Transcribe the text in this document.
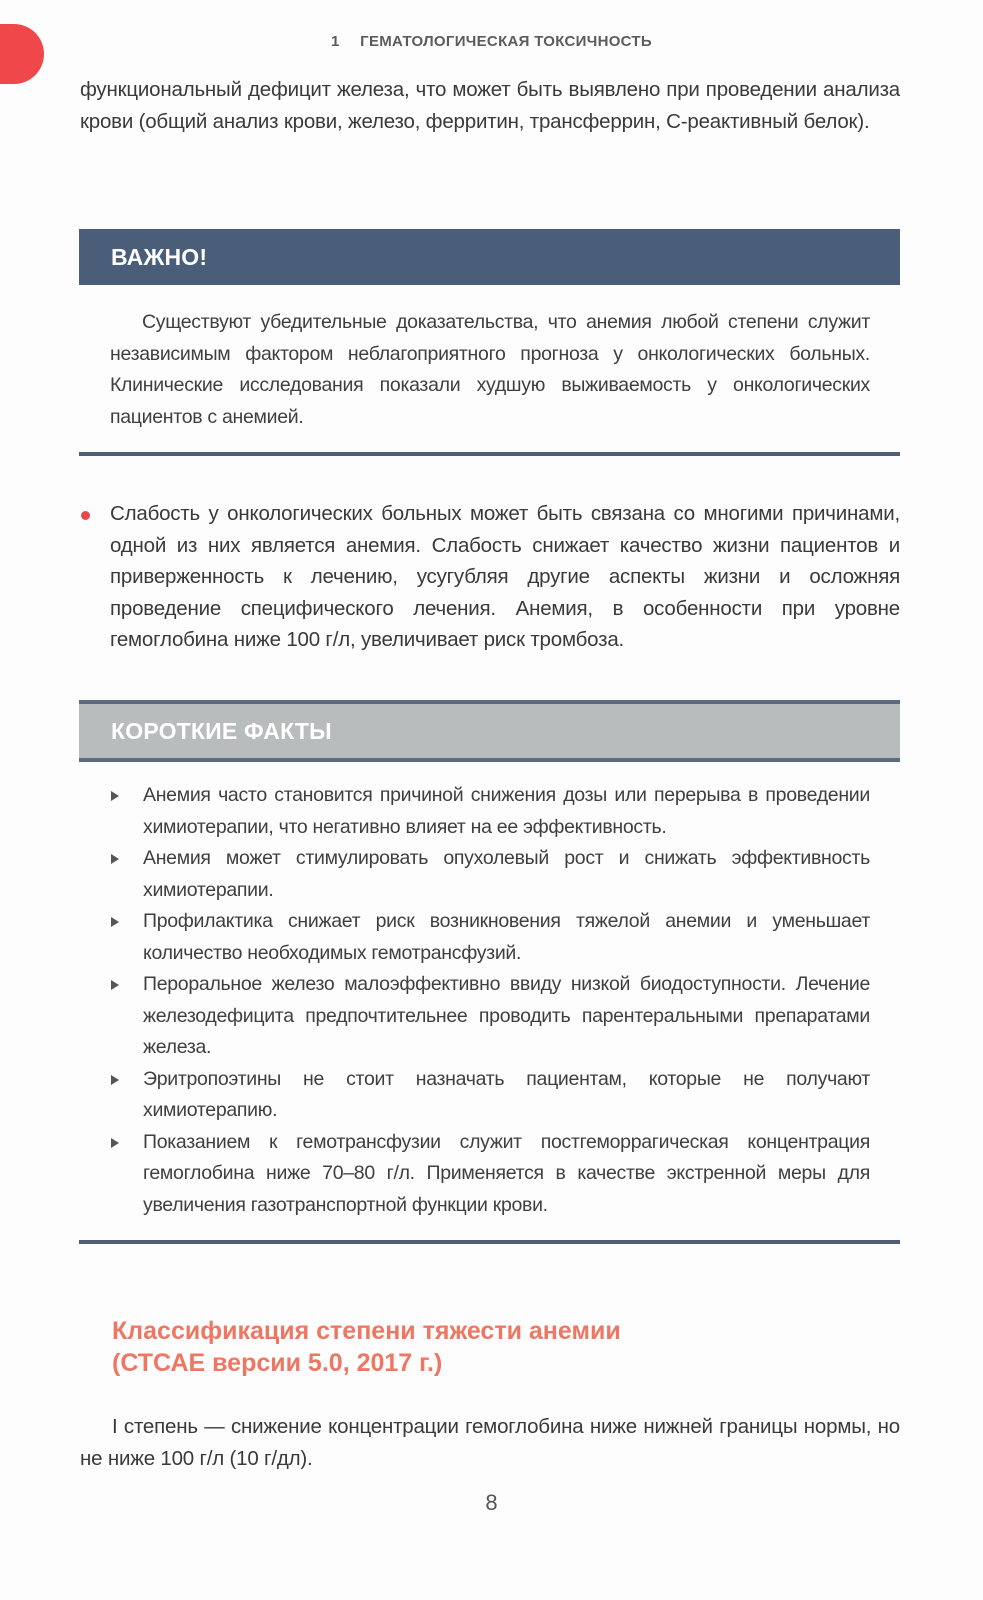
1 ГЕМАТОЛОГИЧЕСКАЯ ТОКСИЧНОСТЬ

функциональный дефицит железа, что может быть выявлено при проведении анализа крови (общий анализ крови, железо, ферритин, трансферрин, С-реактивный белок).

ВАЖНО!

Существуют убедительные доказательства, что анемия любой степени служит независимым фактором неблагоприятного прогноза у онкологических больных. Клинические исследования показали худшую выживаемость у онкологических пациентов с анемией.

Слабость у онкологических больных может быть связана со многими причинами, одной из них является анемия. Слабость снижает качество жизни пациентов и приверженность к лечению, усугубляя другие аспекты жизни и осложняя проведение специфического лечения. Анемия, в особенности при уровне гемоглобина ниже 100 г/л, увеличивает риск тромбоза.

КОРОТКИЕ ФАКТЫ
Анемия часто становится причиной снижения дозы или перерыва в проведении химиотерапии, что негативно влияет на ее эффективность.
Анемия может стимулировать опухолевый рост и снижать эффективность химиотерапии.
Профилактика снижает риск возникновения тяжелой анемии и уменьшает количество необходимых гемотрансфузий.
Пероральное железо малоэффективно ввиду низкой биодоступности. Лечение железодефицита предпочтительнее проводить парентеральными препаратами железа.
Эритропоэтины не стоит назначать пациентам, которые не получают химиотерапию.
Показанием к гемотрансфузии служит постгеморрагическая концентрация гемоглобина ниже 70–80 г/л. Применяется в качестве экстренной меры для увеличения газотранспортной функции крови.
Классификация степени тяжести анемии
(СТСАЕ версии 5.0, 2017 г.)

I степень — снижение концентрации гемоглобина ниже нижней границы нормы, но не ниже 100 г/л (10 г/дл).

8
